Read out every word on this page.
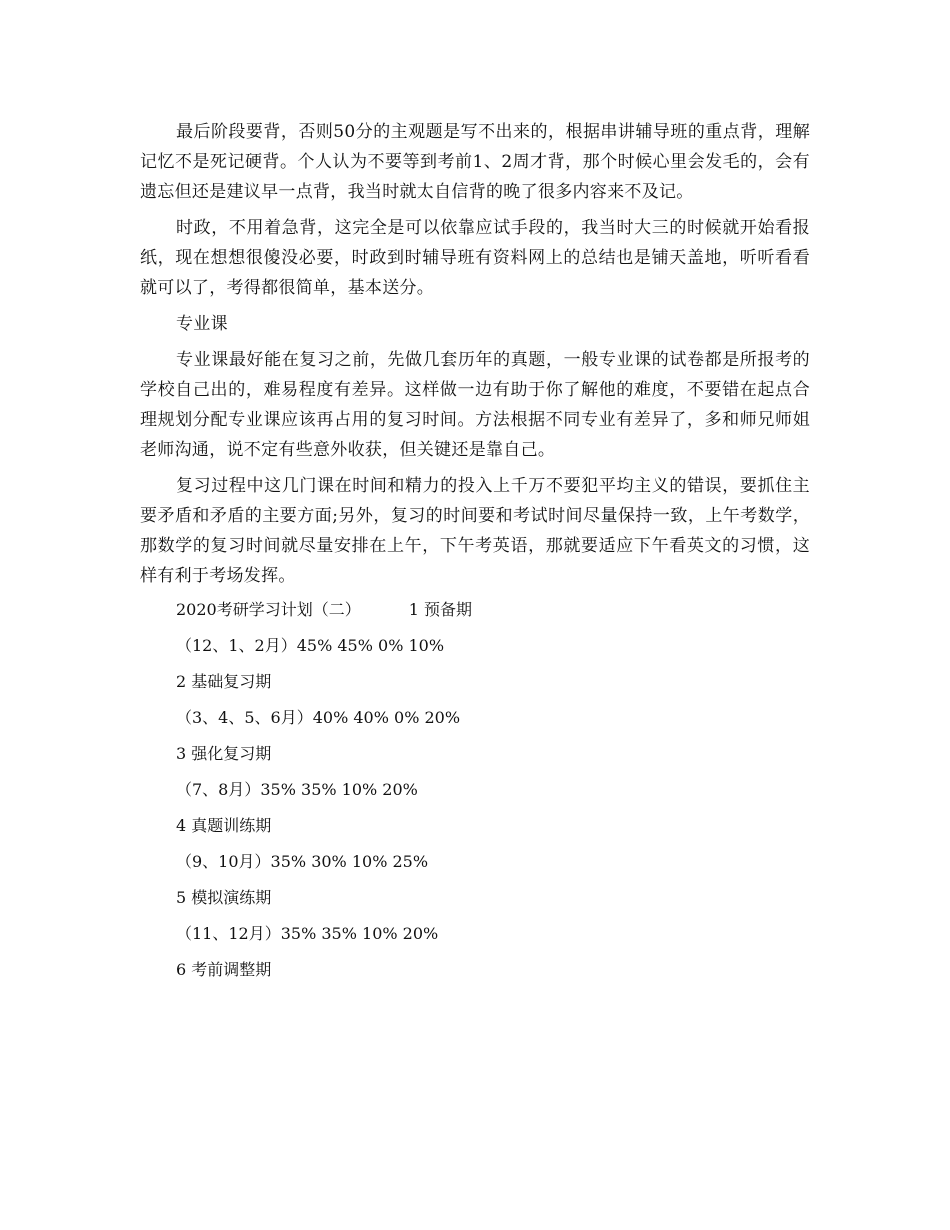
最后阶段要背，否则50分的主观题是写不出来的，根据串讲辅导班的重点背，理解记忆不是死记硬背。个人认为不要等到考前1、2周才背，那个时候心里会发毛的，会有遗忘但还是建议早一点背，我当时就太自信背的晚了很多内容来不及记。

时政，不用着急背，这完全是可以依靠应试手段的，我当时大三的时候就开始看报纸，现在想想很傻没必要，时政到时辅导班有资料网上的总结也是铺天盖地，听听看看就可以了，考得都很简单，基本送分。

专业课

专业课最好能在复习之前，先做几套历年的真题，一般专业课的试卷都是所报考的学校自己出的，难易程度有差异。这样做一边有助于你了解他的难度，不要错在起点合理规划分配专业课应该再占用的复习时间。方法根据不同专业有差异了，多和师兄师姐老师沟通，说不定有些意外收获，但关键还是靠自己。

复习过程中这几门课在时间和精力的投入上千万不要犯平均主义的错误，要抓住主要矛盾和矛盾的主要方面;另外，复习的时间要和考试时间尽量保持一致，上午考数学，那数学的复习时间就尽量安排在上午，下午考英语，那就要适应下午看英文的习惯，这样有利于考场发挥。

2020考研学习计划（二）	1 预备期
（12、1、2月）45% 45% 0% 10%
2 基础复习期
（3、4、5、6月）40% 40% 0% 20%
3 强化复习期
（7、8月）35% 35% 10% 20%
4 真题训练期
（9、10月）35% 30% 10% 25%
5 模拟演练期
（11、12月）35% 35% 10% 20%
6 考前调整期
